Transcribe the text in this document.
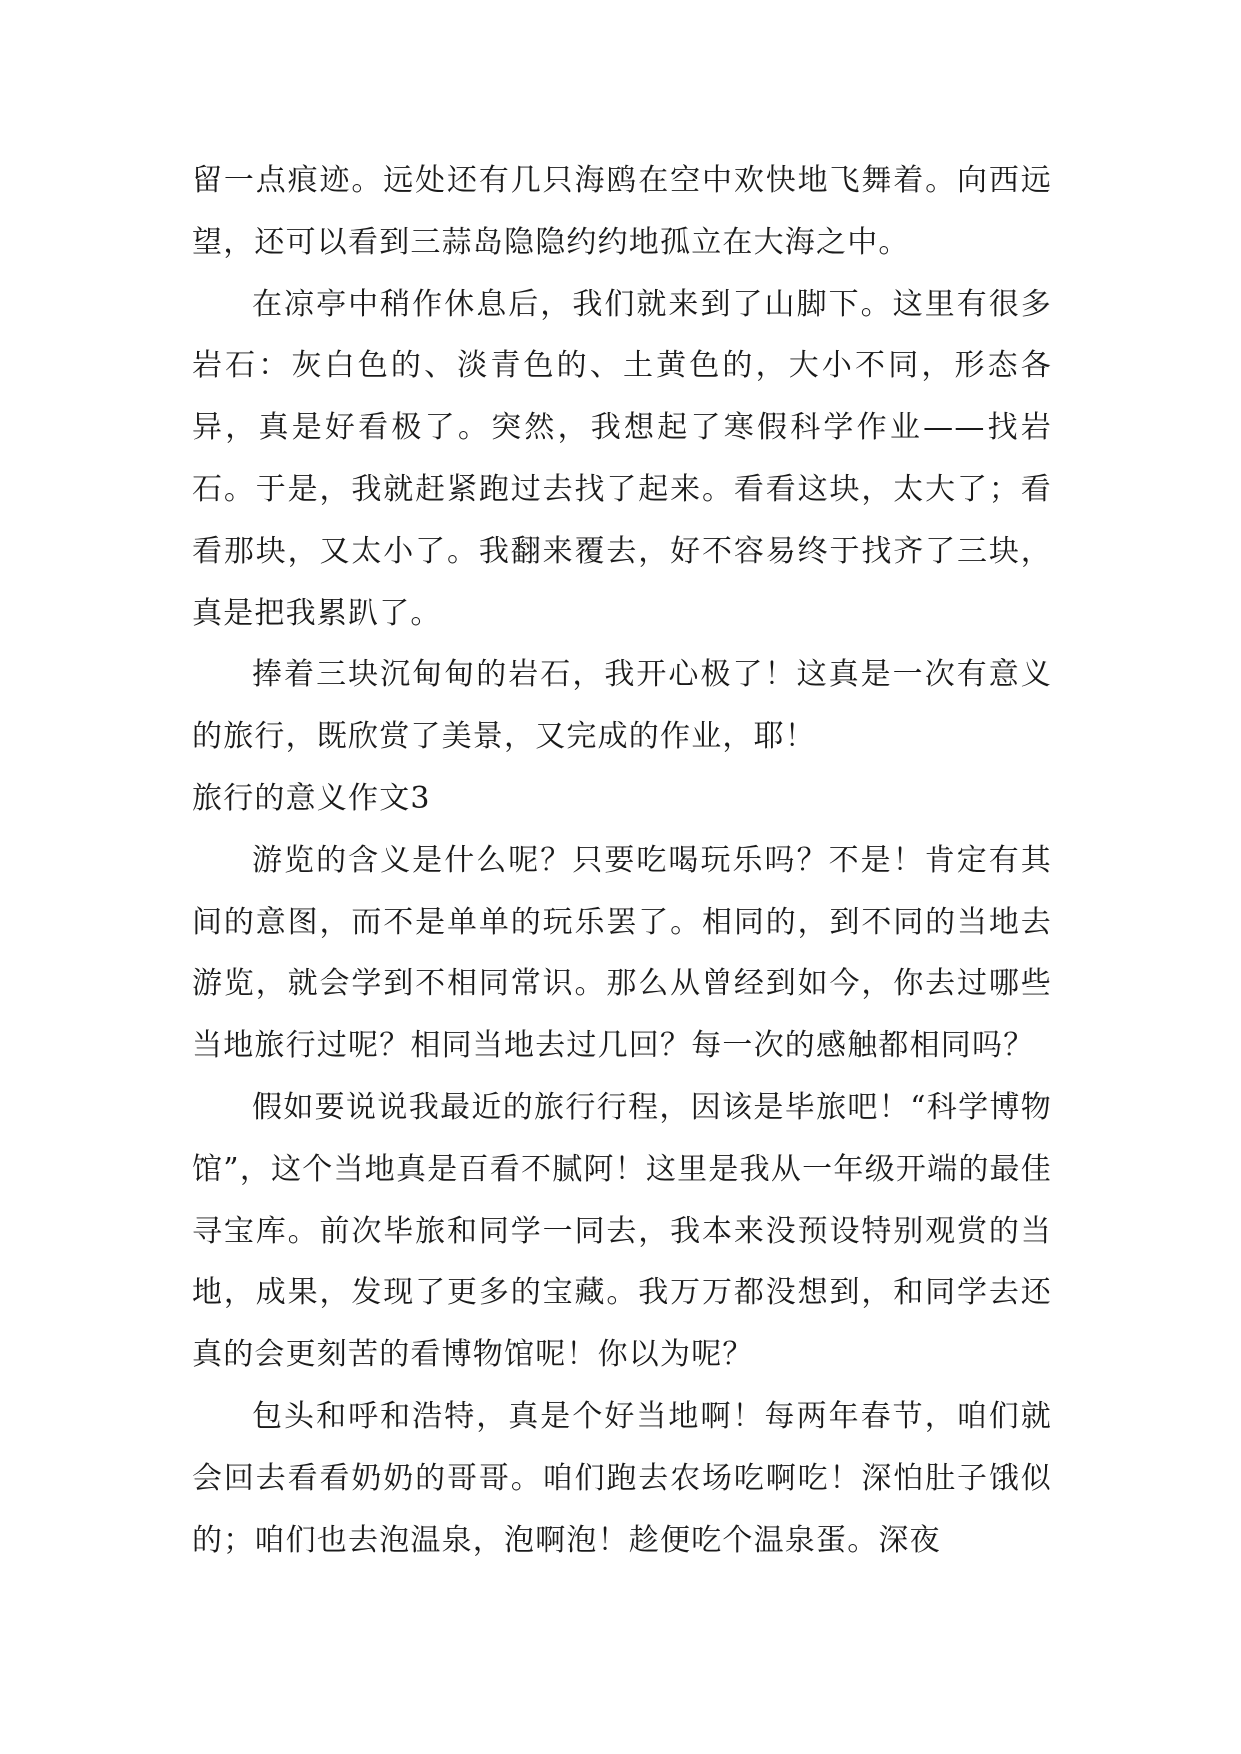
留一点痕迹。远处还有几只海鸥在空中欢快地飞舞着。向西远望，还可以看到三蒜岛隐隐约约地孤立在大海之中。

在凉亭中稍作休息后，我们就来到了山脚下。这里有很多岩石：灰白色的、淡青色的、土黄色的，大小不同，形态各异，真是好看极了。突然，我想起了寒假科学作业——找岩石。于是，我就赶紧跑过去找了起来。看看这块，太大了；看看那块，又太小了。我翻来覆去，好不容易终于找齐了三块，真是把我累趴了。

捧着三块沉甸甸的岩石，我开心极了！这真是一次有意义的旅行，既欣赏了美景，又完成的作业，耶！

旅行的意义作文3

游览的含义是什么呢？只要吃喝玩乐吗？不是！肯定有其间的意图，而不是单单的玩乐罢了。相同的，到不同的当地去游览，就会学到不相同常识。那么从曾经到如今，你去过哪些当地旅行过呢？相同当地去过几回？每一次的感触都相同吗？

假如要说说我最近的旅行行程，因该是毕旅吧！“科学博物馆”，这个当地真是百看不腻阿！这里是我从一年级开端的最佳寻宝库。前次毕旅和同学一同去，我本来没预设特别观赏的当地，成果，发现了更多的宝藏。我万万都没想到，和同学去还真的会更刻苦的看博物馆呢！你以为呢？

包头和呼和浩特，真是个好当地啊！每两年春节，咱们就会回去看看奶奶的哥哥。咱们跑去农场吃啊吃！深怕肚子饿似的；咱们也去泡温泉，泡啊泡！趁便吃个温泉蛋。深夜
